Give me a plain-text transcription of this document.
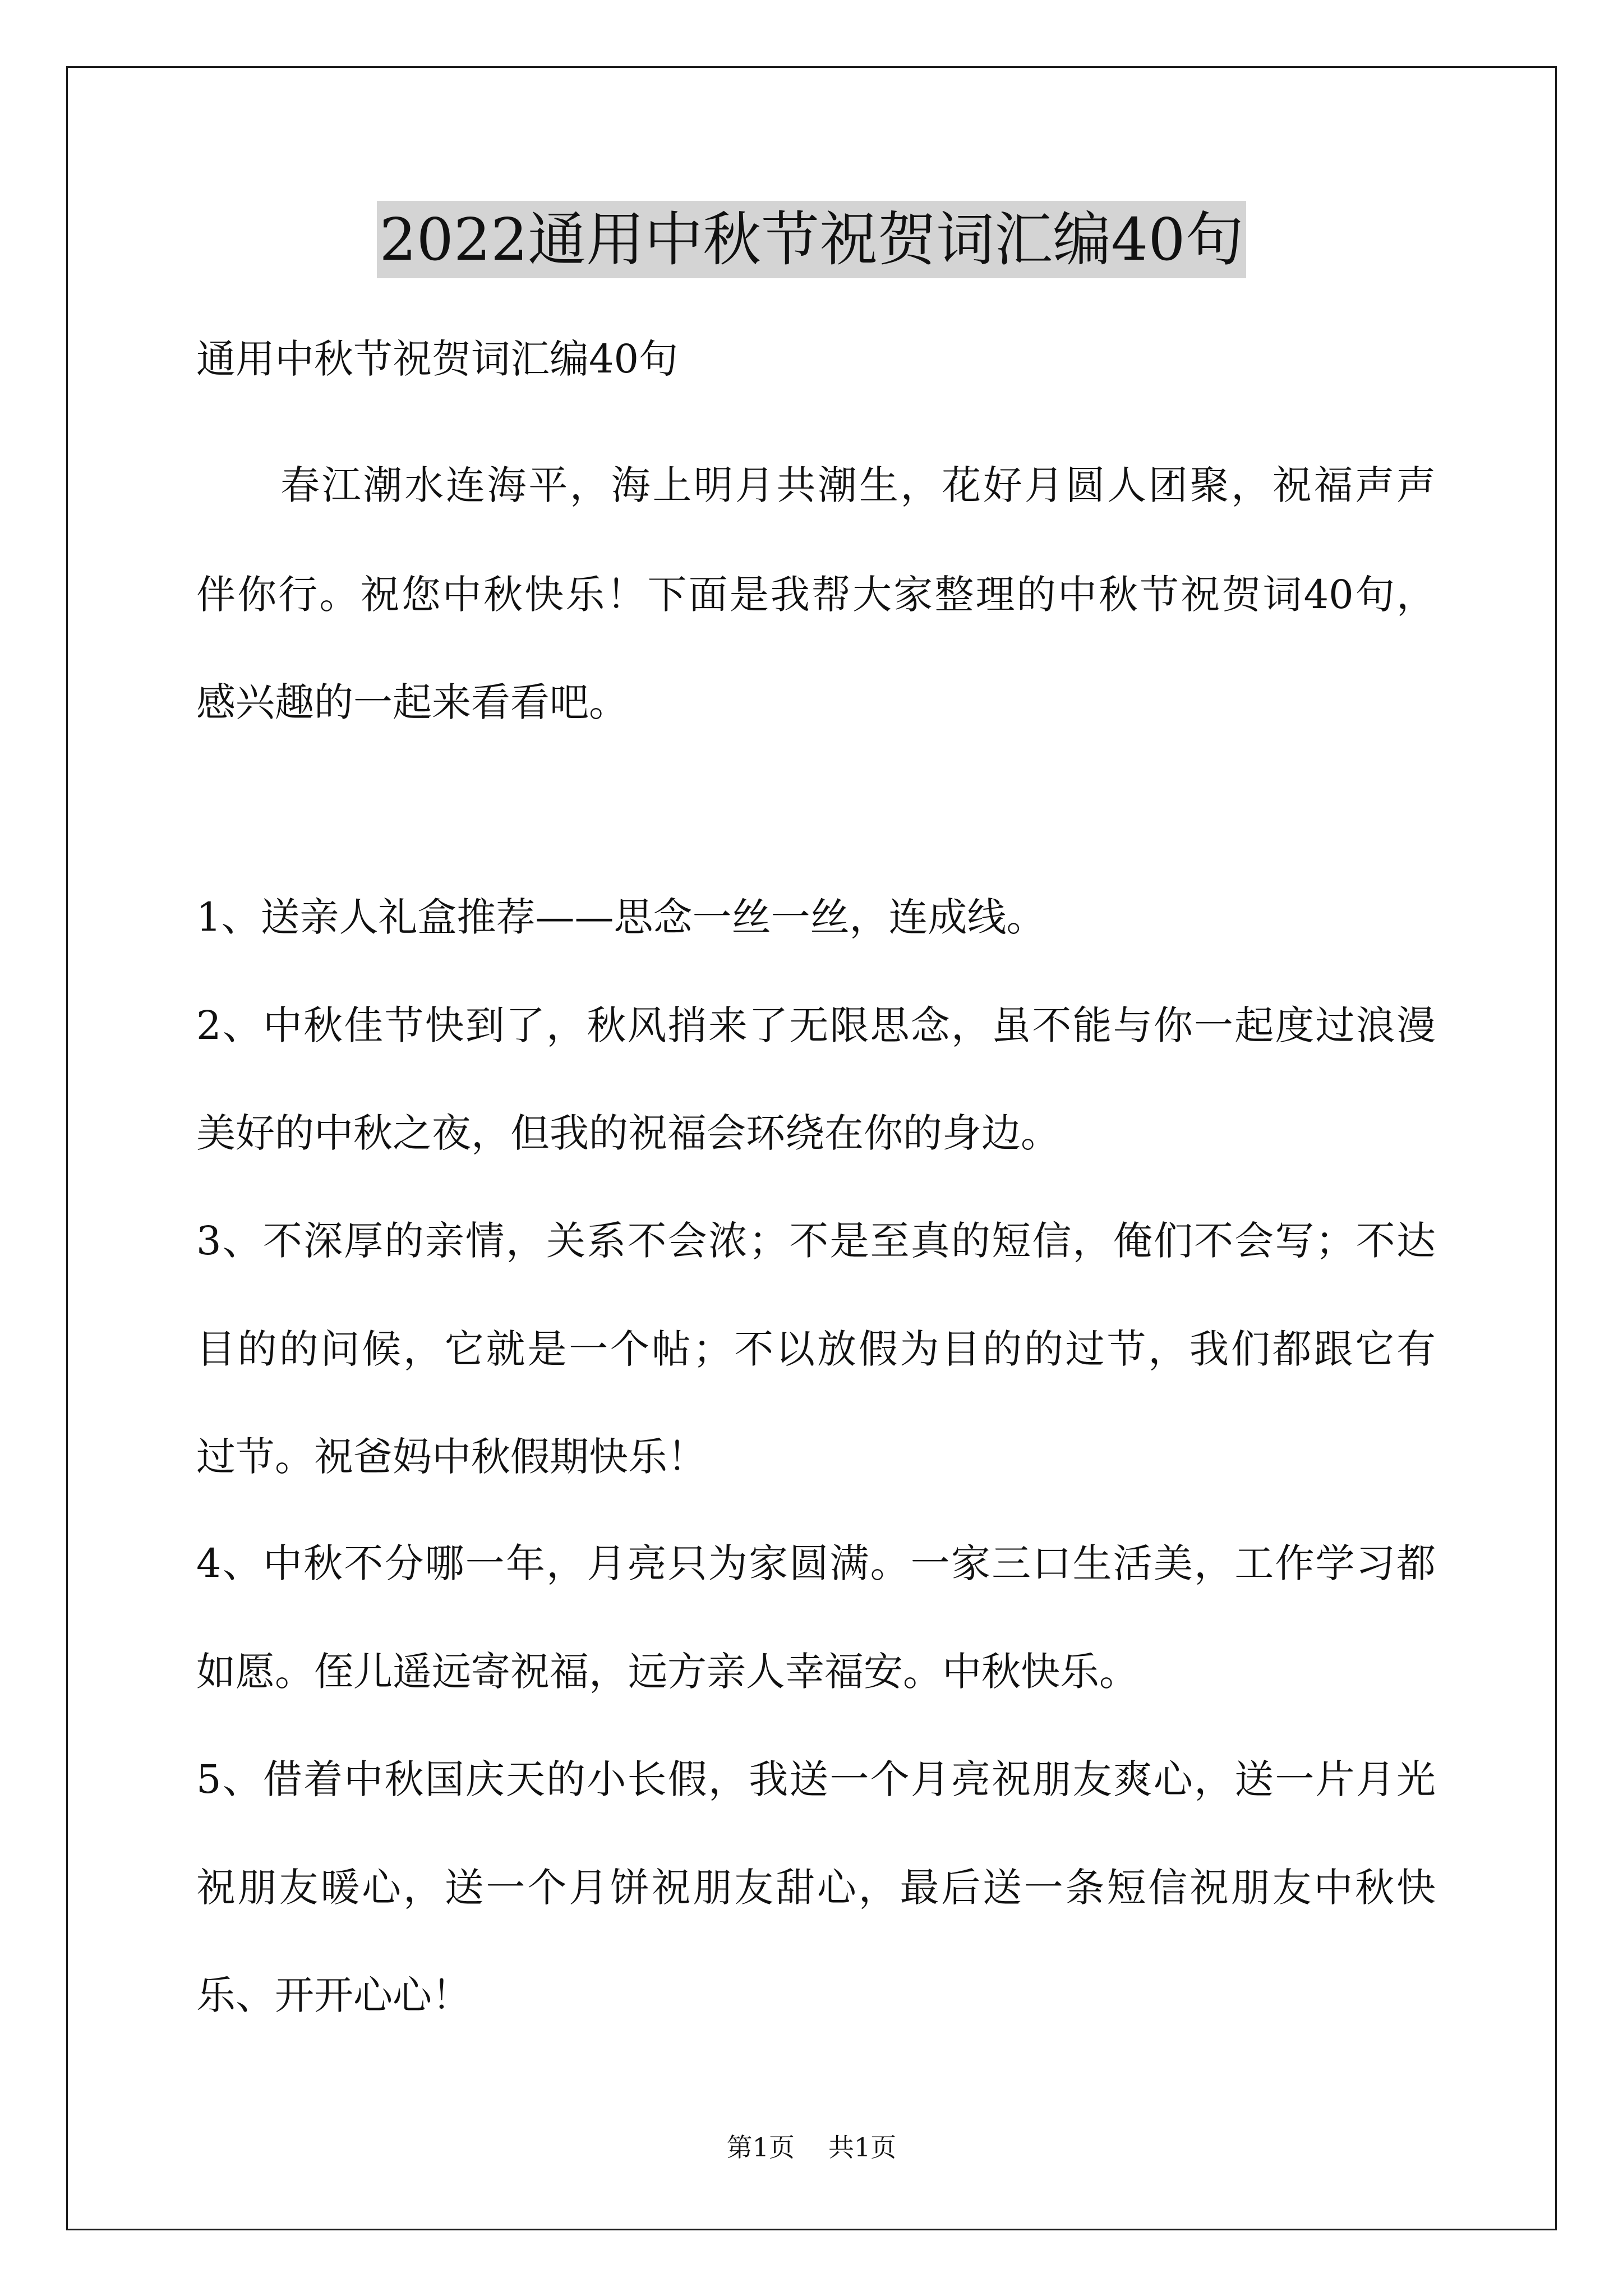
2022通用中秋节祝贺词汇编40句
通用中秋节祝贺词汇编40句
春江潮水连海平，海上明月共潮生，花好月圆人团聚，祝福声声
伴你行。祝您中秋快乐！下面是我帮大家整理的中秋节祝贺词40句，
感兴趣的一起来看看吧。
1、送亲人礼盒推荐——思念一丝一丝，连成线。
2、中秋佳节快到了，秋风捎来了无限思念，虽不能与你一起度过浪漫
美好的中秋之夜，但我的祝福会环绕在你的身边。
3、不深厚的亲情，关系不会浓；不是至真的短信，俺们不会写；不达
目的的问候，它就是一个帖；不以放假为目的的过节，我们都跟它有
过节。祝爸妈中秋假期快乐！
4、中秋不分哪一年，月亮只为家圆满。一家三口生活美，工作学习都
如愿。侄儿遥远寄祝福，远方亲人幸福安。中秋快乐。
5、借着中秋国庆天的小长假，我送一个月亮祝朋友爽心，送一片月光
祝朋友暖心，送一个月饼祝朋友甜心，最后送一条短信祝朋友中秋快
乐、开开心心！
第1页 共1页
